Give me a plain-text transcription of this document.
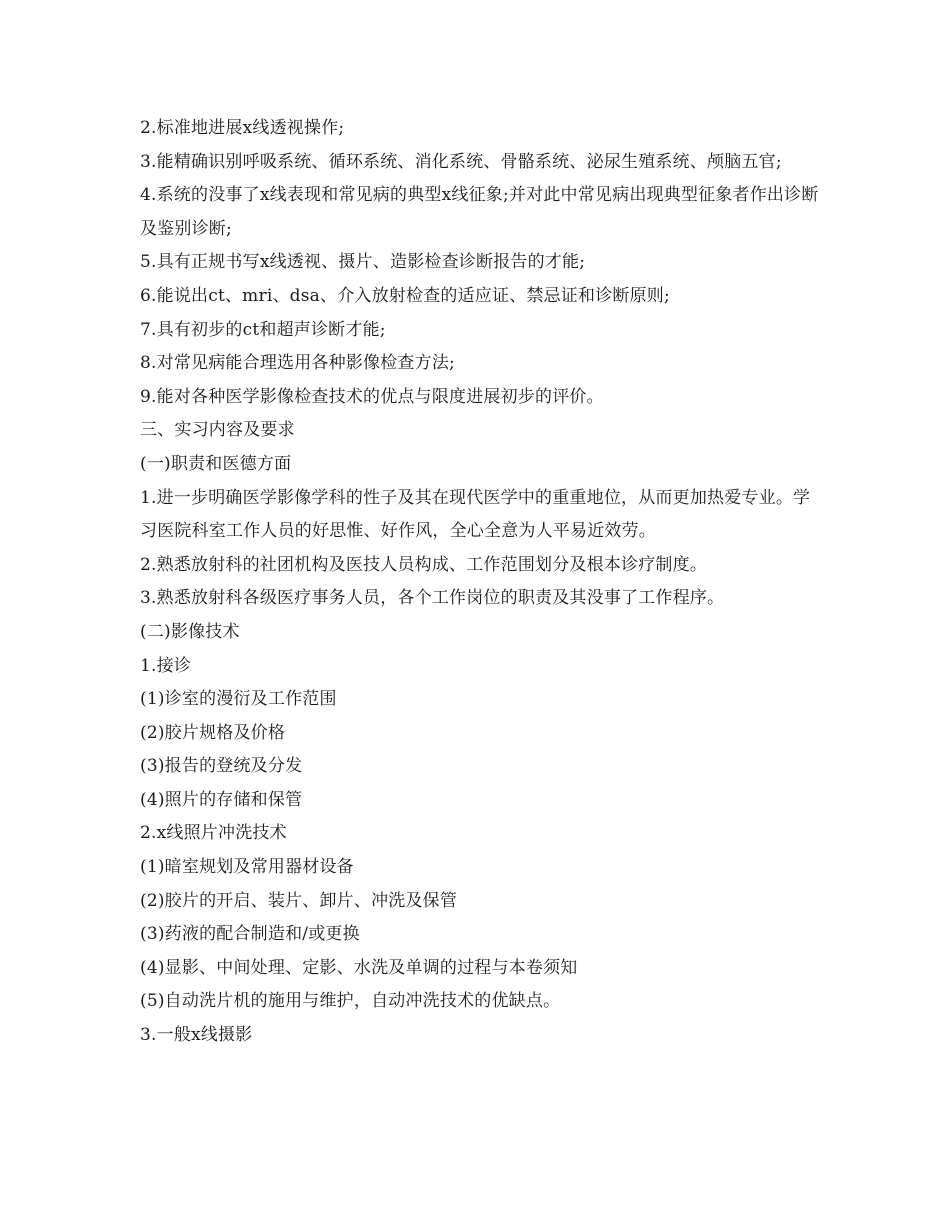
2.标准地进展x线透视操作;
3.能精确识别呼吸系统、循环系统、消化系统、骨骼系统、泌尿生殖系统、颅脑五官;
4.系统的没事了x线表现和常见病的典型x线征象;并对此中常见病出现典型征象者作出诊断及鉴别诊断;
5.具有正规书写x线透视、摄片、造影检查诊断报告的才能;
6.能说出ct、mri、dsa、介入放射检查的适应证、禁忌证和诊断原则;
7.具有初步的ct和超声诊断才能;
8.对常见病能合理选用各种影像检查方法;
9.能对各种医学影像检查技术的优点与限度进展初步的评价。
三、实习内容及要求
(一)职责和医德方面
1.进一步明确医学影像学科的性子及其在现代医学中的重重地位，从而更加热爱专业。学习医院科室工作人员的好思惟、好作风，全心全意为人平易近效劳。
2.熟悉放射科的社团机构及医技人员构成、工作范围划分及根本诊疗制度。
3.熟悉放射科各级医疗事务人员，各个工作岗位的职责及其没事了工作程序。
(二)影像技术
1.接诊
(1)诊室的漫衍及工作范围
(2)胶片规格及价格
(3)报告的登统及分发
(4)照片的存储和保管
2.x线照片冲洗技术
(1)暗室规划及常用器材设备
(2)胶片的开启、装片、卸片、冲洗及保管
(3)药液的配合制造和/或更换
(4)显影、中间处理、定影、水洗及单调的过程与本卷须知
(5)自动洗片机的施用与维护，自动冲洗技术的优缺点。
3.一般x线摄影
